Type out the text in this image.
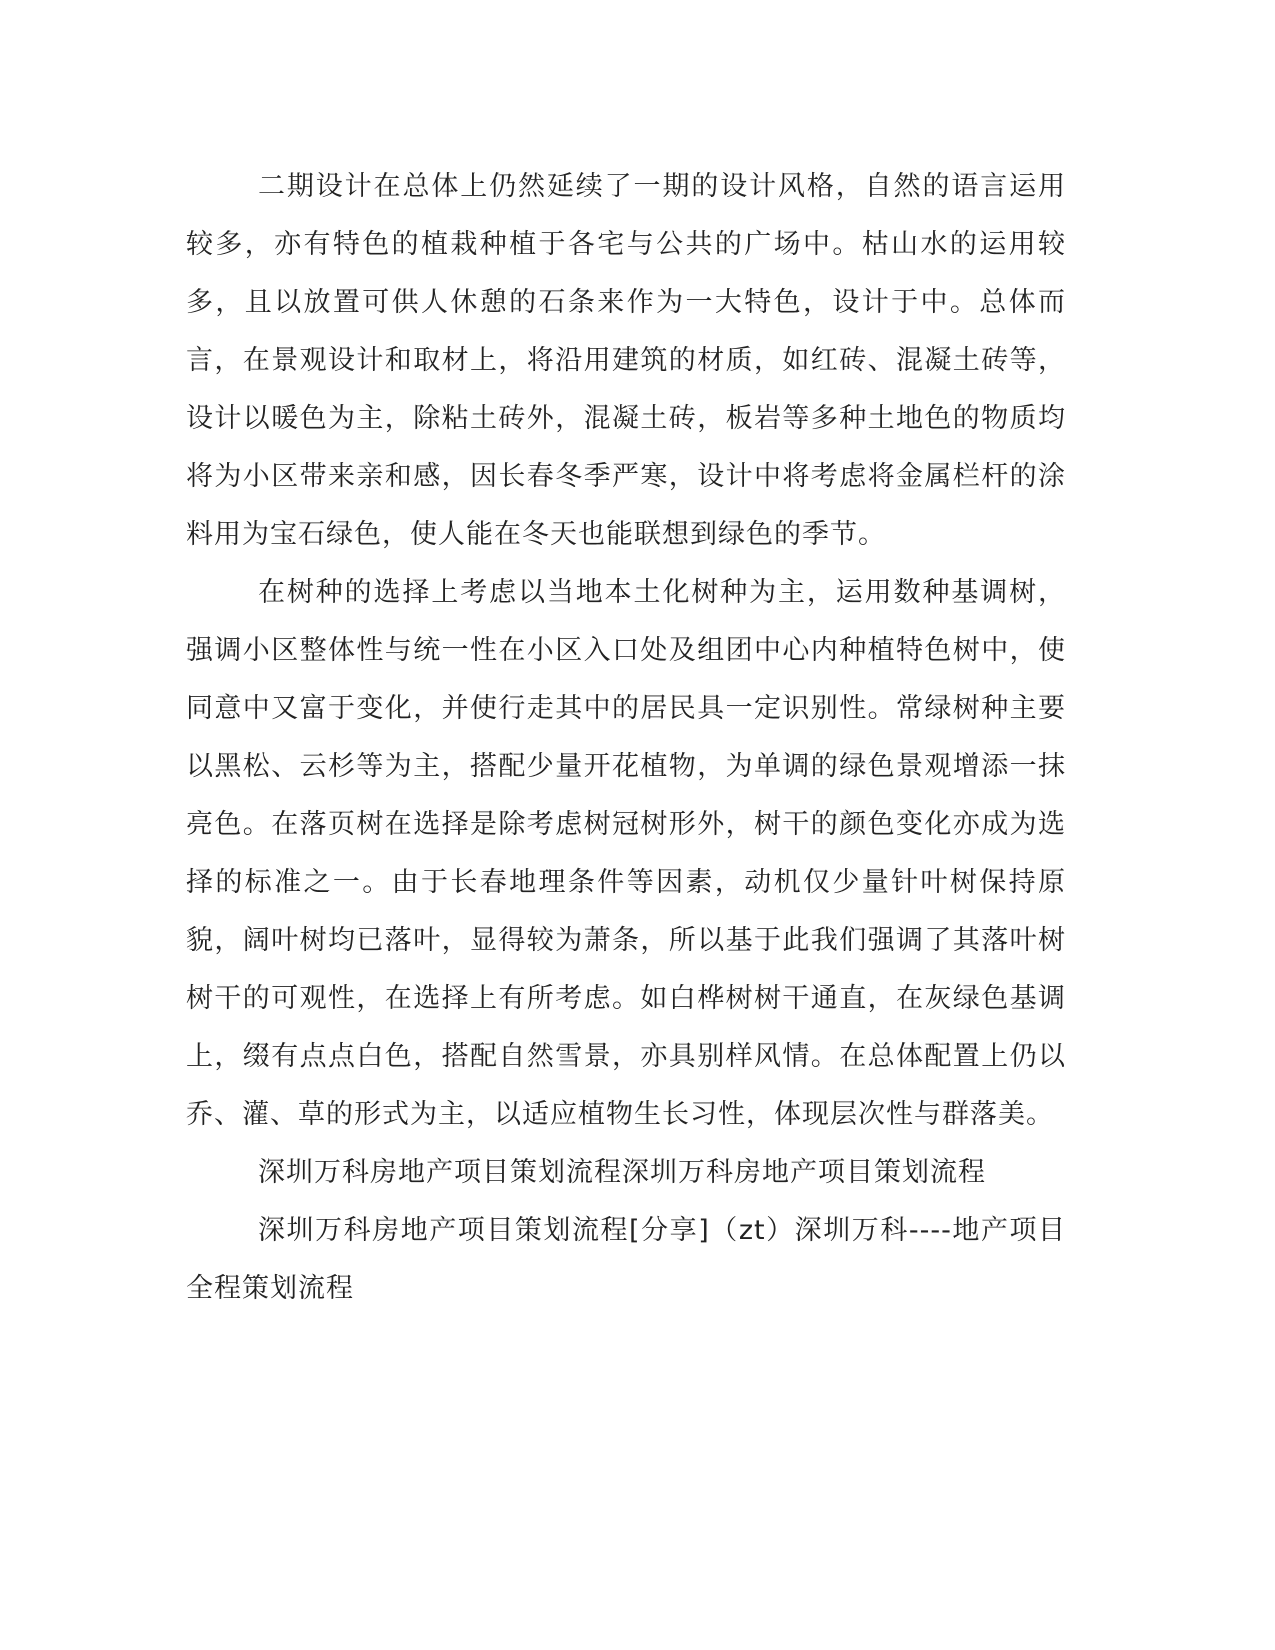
二期设计在总体上仍然延续了一期的设计风格，自然的语言运用较多，亦有特色的植栽种植于各宅与公共的广场中。枯山水的运用较多，且以放置可供人休憩的石条来作为一大特色，设计于中。总体而言，在景观设计和取材上，将沿用建筑的材质，如红砖、混凝土砖等，设计以暖色为主，除粘土砖外，混凝土砖，板岩等多种土地色的物质均将为小区带来亲和感，因长春冬季严寒，设计中将考虑将金属栏杆的涂料用为宝石绿色，使人能在冬天也能联想到绿色的季节。

在树种的选择上考虑以当地本土化树种为主，运用数种基调树，强调小区整体性与统一性在小区入口处及组团中心内种植特色树中，使同意中又富于变化，并使行走其中的居民具一定识别性。常绿树种主要以黑松、云杉等为主，搭配少量开花植物，为单调的绿色景观增添一抹亮色。在落页树在选择是除考虑树冠树形外，树干的颜色变化亦成为选择的标准之一。由于长春地理条件等因素，动机仅少量针叶树保持原貌，阔叶树均已落叶，显得较为萧条，所以基于此我们强调了其落叶树树干的可观性，在选择上有所考虑。如白桦树树干通直，在灰绿色基调上，缀有点点白色，搭配自然雪景，亦具别样风情。在总体配置上仍以乔、灌、草的形式为主，以适应植物生长习性，体现层次性与群落美。

深圳万科房地产项目策划流程深圳万科房地产项目策划流程

深圳万科房地产项目策划流程[分享]（zt）深圳万科----地产项目全程策划流程
